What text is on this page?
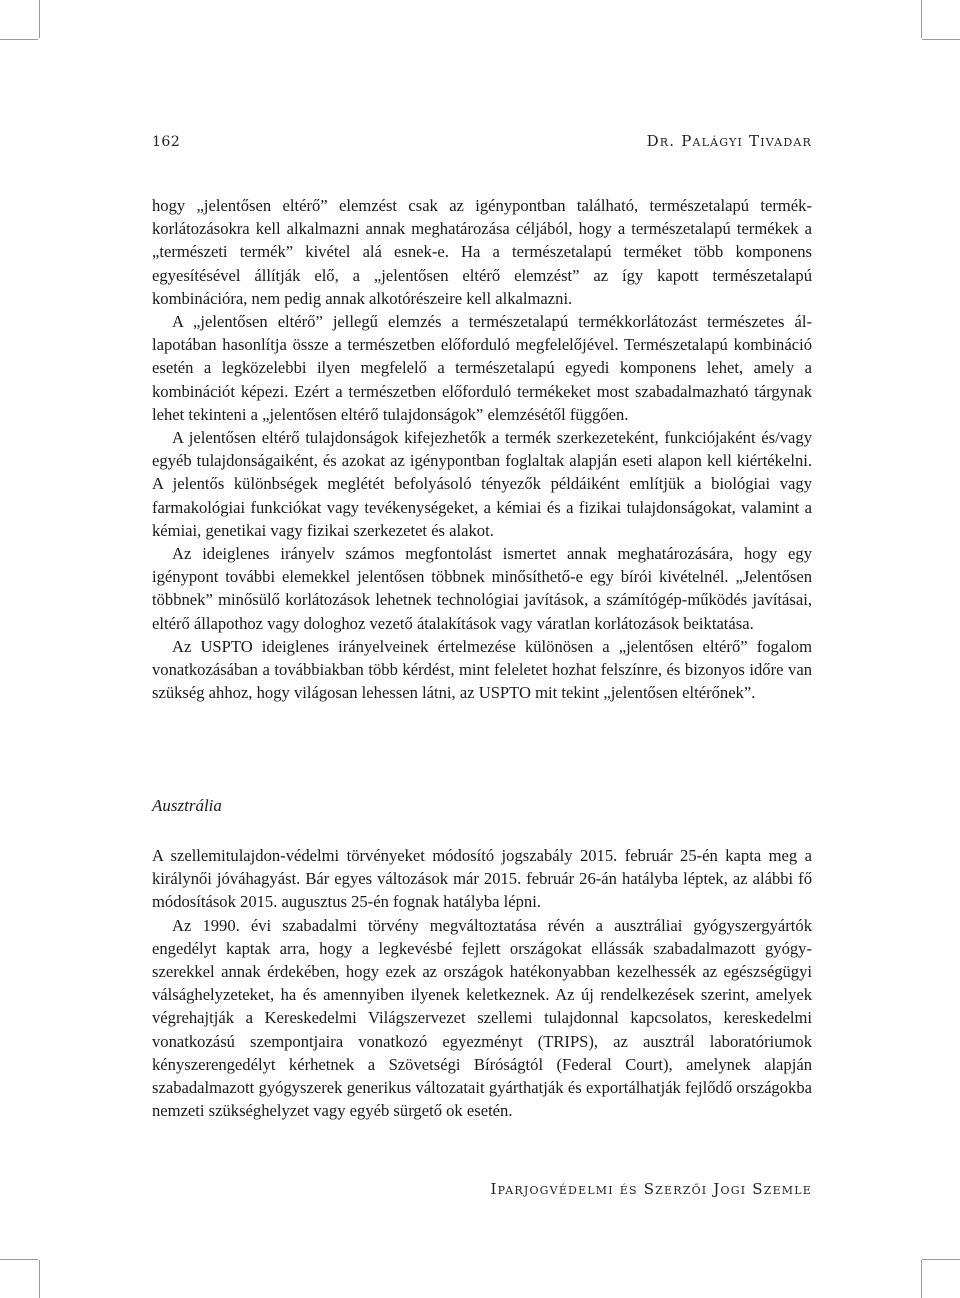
162	Dr. Palágyi Tivadar

hogy „jelentősen eltérő” elemzést csak az igénypontban található, természetalapú termékkorlátozásokra kell alkalmazni annak meghatározása céljából, hogy a természetalapú termékek a „természeti termék” kivétel alá esnek-e. Ha a természetalapú terméket több komponens egyesítésével állítják elő, a „jelentősen eltérő elemzést” az így kapott természetalapú kombinációra, nem pedig annak alkotórészeire kell alkalmazni.

A „jelentősen eltérő” jellegű elemzés a természetalapú termékkorlátozást természetes állapotában hasonlítja össze a természetben előforduló megfelelőjével. Természetalapú kombináció esetén a legközelebbi ilyen megfelelő a természetalapú egyedi komponens lehet, amely a kombinációt képezi. Ezért a természetben előforduló termékeket most szabadalmazható tárgynak lehet tekinteni a „jelentősen eltérő tulajdonságok” elemzésétől függően.

A jelentősen eltérő tulajdonságok kifejezhetők a termék szerkezeteként, funkciójaként és/vagy egyéb tulajdonságaiként, és azokat az igénypontban foglaltak alapján eseti alapon kell kiértékelni. A jelentős különbségek meglétét befolyásoló tényezők példáiként említjük a biológiai vagy farmakológiai funkciókat vagy tevékenységeket, a kémiai és a fizikai tulajdonságokat, valamint a kémiai, genetikai vagy fizikai szerkezetet és alakot.

Az ideiglenes irányelv számos megfontolást ismertet annak meghatározására, hogy egy igénypont további elemekkel jelentősen többnek minősíthető-e egy bírói kivételnél. „Jelentősen többnek” minősülő korlátozások lehetnek technológiai javítások, a számítógép-működés javításai, eltérő állapothoz vagy dologhoz vezető átalakítások vagy váratlan korlátozások beiktatása.

Az USPTO ideiglenes irányelveinek értelmezése különösen a „jelentősen eltérő” fogalom vonatkozásában a továbbiakban több kérdést, mint feleletet hozhat felszínre, és bizonyos időre van szükség ahhoz, hogy világosan lehessen látni, az USPTO mit tekint „jelentősen eltérőnek”.

Ausztrália

A szellemitulajdon-védelmi törvényeket módosító jogszabály 2015. február 25-én kapta meg a királynői jóváhagyást. Bár egyes változások már 2015. február 26-án hatályba léptek, az alábbi fő módosítások 2015. augusztus 25-én fognak hatályba lépni.

Az 1990. évi szabadalmi törvény megváltoztatása révén a ausztráliai gyógyszergyártók engedélyt kaptak arra, hogy a legkevésbé fejlett országokat ellássák szabadalmazott gyógyszerekkel annak érdekében, hogy ezek az országok hatékonyabban kezelhessék az egészségügyi válsághelyzeteket, ha és amennyiben ilyenek keletkeznek. Az új rendelkezések szerint, amelyek végrehajtják a Kereskedelmi Világszervezet szellemi tulajdonnal kapcsolatos, kereskedelmi vonatkozású szempontjaira vonatkozó egyezményt (TRIPS), az ausztrál laboratóriumok kényszerengedélyt kérhetnek a Szövetségi Bíróságtól (Federal Court), amelynek alapján szabadalmazott gyógyszerek generikus változatait gyárthatják és exportálhatják fejlődő országokba nemzeti szükséghelyzet vagy egyéb sürgető ok esetén.

Iparjogvédelmi és Szerzői Jogi Szemle
